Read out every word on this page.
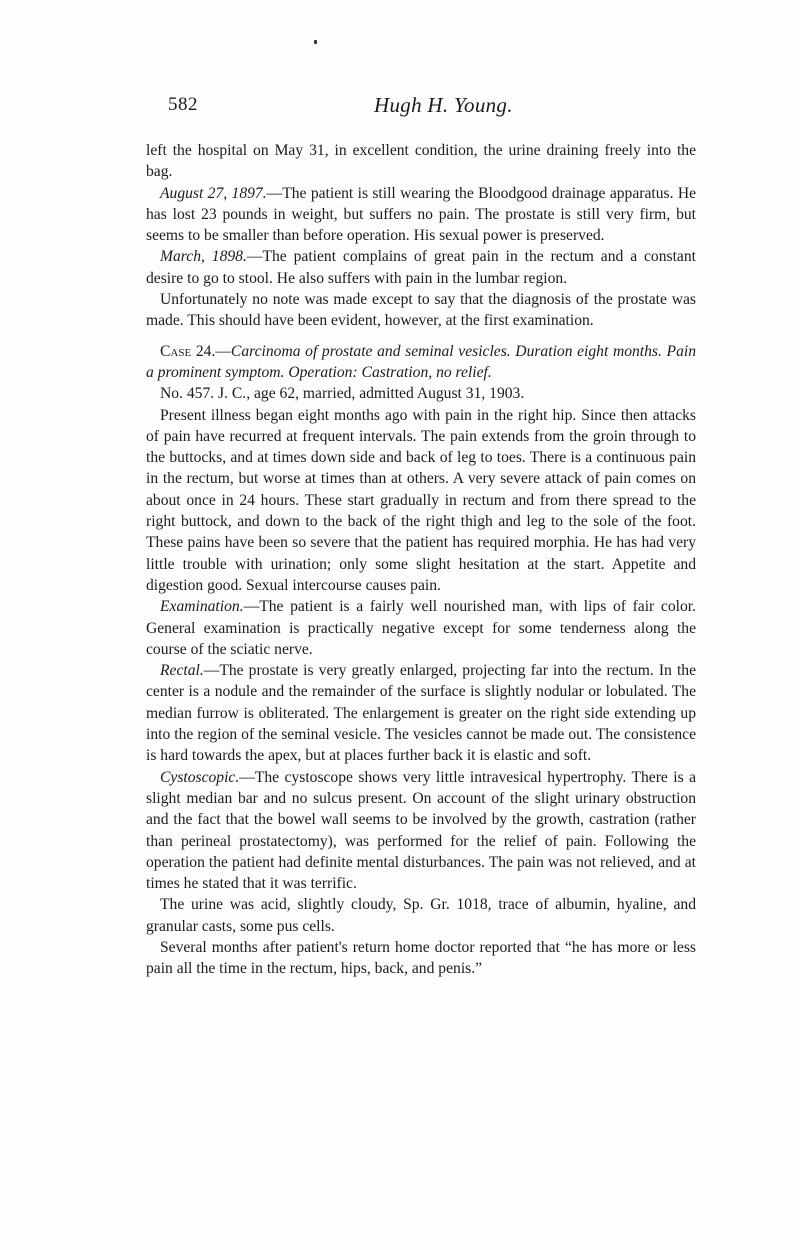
582	Hugh H. Young.

left the hospital on May 31, in excellent condition, the urine draining freely into the bag.

August 27, 1897.—The patient is still wearing the Bloodgood drainage apparatus. He has lost 23 pounds in weight, but suffers no pain. The prostate is still very firm, but seems to be smaller than before operation. His sexual power is preserved.

March, 1898.—The patient complains of great pain in the rectum and a constant desire to go to stool. He also suffers with pain in the lumbar region.

Unfortunately no note was made except to say that the diagnosis of the prostate was made. This should have been evident, however, at the first examination.

Case 24.—Carcinoma of prostate and seminal vesicles. Duration eight months. Pain a prominent symptom. Operation: Castration, no relief.

No. 457. J. C., age 62, married, admitted August 31, 1903.

Present illness began eight months ago with pain in the right hip. Since then attacks of pain have recurred at frequent intervals. The pain extends from the groin through to the buttocks, and at times down side and back of leg to toes. There is a continuous pain in the rectum, but worse at times than at others. A very severe attack of pain comes on about once in 24 hours. These start gradually in rectum and from there spread to the right buttock, and down to the back of the right thigh and leg to the sole of the foot. These pains have been so severe that the patient has required morphia. He has had very little trouble with urination; only some slight hesitation at the start. Appetite and digestion good. Sexual intercourse causes pain.

Examination.—The patient is a fairly well nourished man, with lips of fair color. General examination is practically negative except for some tenderness along the course of the sciatic nerve.

Rectal.—The prostate is very greatly enlarged, projecting far into the rectum. In the center is a nodule and the remainder of the surface is slightly nodular or lobulated. The median furrow is obliterated. The enlargement is greater on the right side extending up into the region of the seminal vesicle. The vesicles cannot be made out. The consistence is hard towards the apex, but at places further back it is elastic and soft.

Cystoscopic.—The cystoscope shows very little intravesical hypertrophy. There is a slight median bar and no sulcus present. On account of the slight urinary obstruction and the fact that the bowel wall seems to be involved by the growth, castration (rather than perineal prostatectomy), was performed for the relief of pain. Following the operation the patient had definite mental disturbances. The pain was not relieved, and at times he stated that it was terrific.

The urine was acid, slightly cloudy, Sp. Gr. 1018, trace of albumin, hyaline, and granular casts, some pus cells.

Several months after patient's return home doctor reported that “he has more or less pain all the time in the rectum, hips, back, and penis.”
